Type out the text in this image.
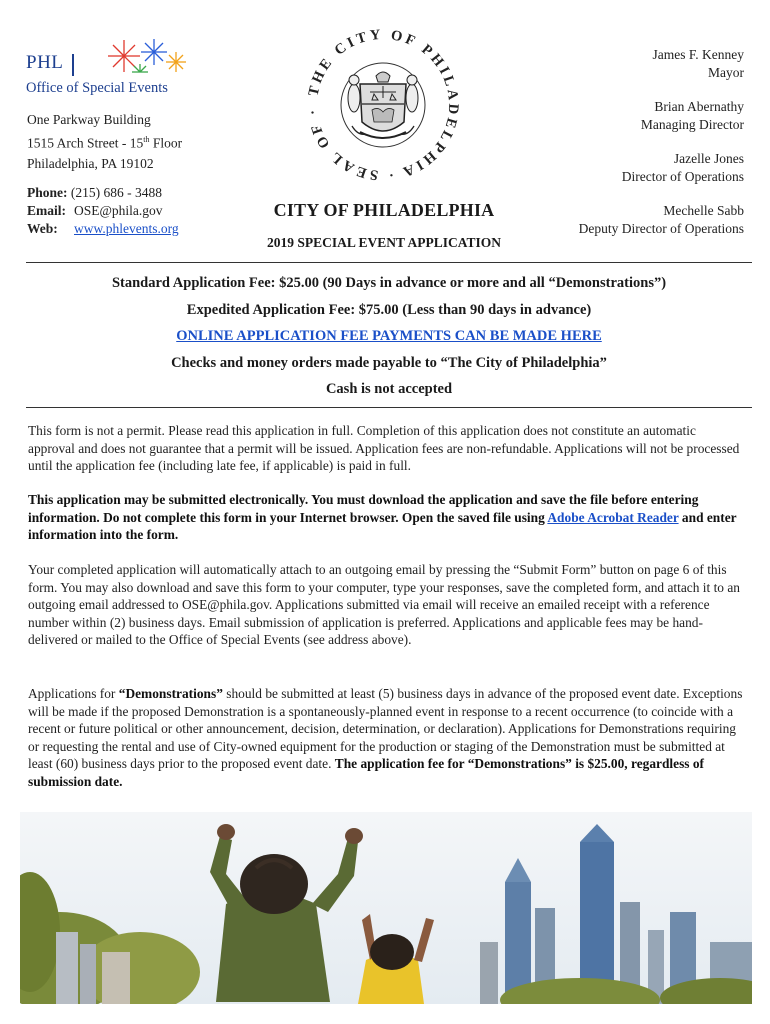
PHL
Office of Special Events
One Parkway Building
1515 Arch Street - 15th Floor
Philadelphia, PA 19102
Phone: (215) 686 - 3488
Email: OSE@phila.gov
Web: www.phlevents.org
THE CITY OF PHILADELPHIA · SEAL OF ·
CITY OF PHILADELPHIA
2019 SPECIAL EVENT APPLICATION
James F. Kenney
Mayor
Brian Abernathy
Managing Director
Jazelle Jones
Director of Operations
Mechelle Sabb
Deputy Director of Operations
Standard Application Fee: $25.00 (90 Days in advance or more and all “Demonstrations”)
Expedited Application Fee: $75.00 (Less than 90 days in advance)
ONLINE APPLICATION FEE PAYMENTS CAN BE MADE HERE
Checks and money orders made payable to “The City of Philadelphia”
Cash is not accepted

This form is not a permit. Please read this application in full. Completion of this application does not constitute an automatic approval and does not guarantee that a permit will be issued. Application fees are non-refundable. Applications will not be processed until the application fee (including late fee, if applicable) is paid in full.

This application may be submitted electronically. You must download the application and save the file before entering information. Do not complete this form in your Internet browser. Open the saved file using Adobe Acrobat Reader and enter information into the form.

Your completed application will automatically attach to an outgoing email by pressing the “Submit Form” button on page 6 of this form. You may also download and save this form to your computer, type your responses, save the completed form, and attach it to an outgoing email addressed to OSE@phila.gov. Applications submitted via email will receive an emailed receipt with a reference number within (2) business days. Email submission of application is preferred. Applications and applicable fees may be hand-delivered or mailed to the Office of Special Events (see address above).

Applications for “Demonstrations” should be submitted at least (5) business days in advance of the proposed event date. Exceptions will be made if the proposed Demonstration is a spontaneously-planned event in response to a recent occurrence (to coincide with a recent or future political or other announcement, decision, determination, or declaration). Applications for Demonstrations requiring or requesting the rental and use of City-owned equipment for the production or staging of the Demonstration must be submitted at least (60) business days prior to the proposed event date. The application fee for “Demonstrations” is $25.00, regardless of submission date.
